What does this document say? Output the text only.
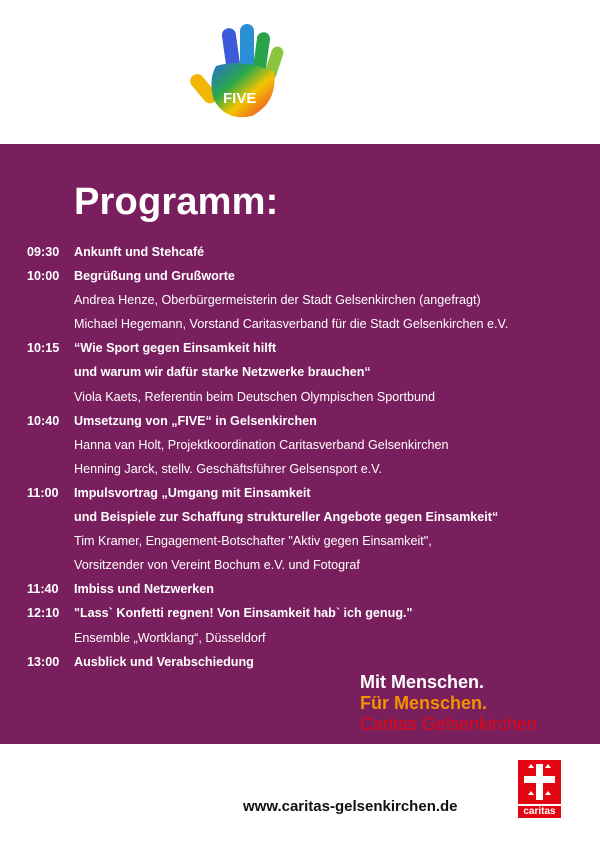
FIVE
Programm:
09:30 Ankunft und Stehcafé
10:00 Begrüßung und Grußworte
Andrea Henze, Oberbürgermeisterin der Stadt Gelsenkirchen (angefragt)
Michael Hegemann, Vorstand Caritasverband für die Stadt Gelsenkirchen e.V.
10:15 “Wie Sport gegen Einsamkeit hilft
und warum wir dafür starke Netzwerke brauchen“
Viola Kaets, Referentin beim Deutschen Olympischen Sportbund
10:40 Umsetzung von „FIVE“ in Gelsenkirchen
Hanna van Holt, Projektkoordination Caritasverband Gelsenkirchen
Henning Jarck, stellv. Geschäftsführer Gelsensport e.V.
11:00 Impulsvortrag „Umgang mit Einsamkeit
und Beispiele zur Schaffung struktureller Angebote gegen Einsamkeit“
Tim Kramer, Engagement-Botschafter "Aktiv gegen Einsamkeit",
Vorsitzender von Vereint Bochum e.V. und Fotograf
11:40 Imbiss und Netzwerken
12:10 "Lass` Konfetti regnen! Von Einsamkeit hab` ich genug."
Ensemble „Wortklang“, Düsseldorf
13:00 Ausblick und Verabschiedung
Mit Menschen.
Für Menschen.
Caritas Gelsenkirchen
www.caritas-gelsenkirchen.de	caritas
